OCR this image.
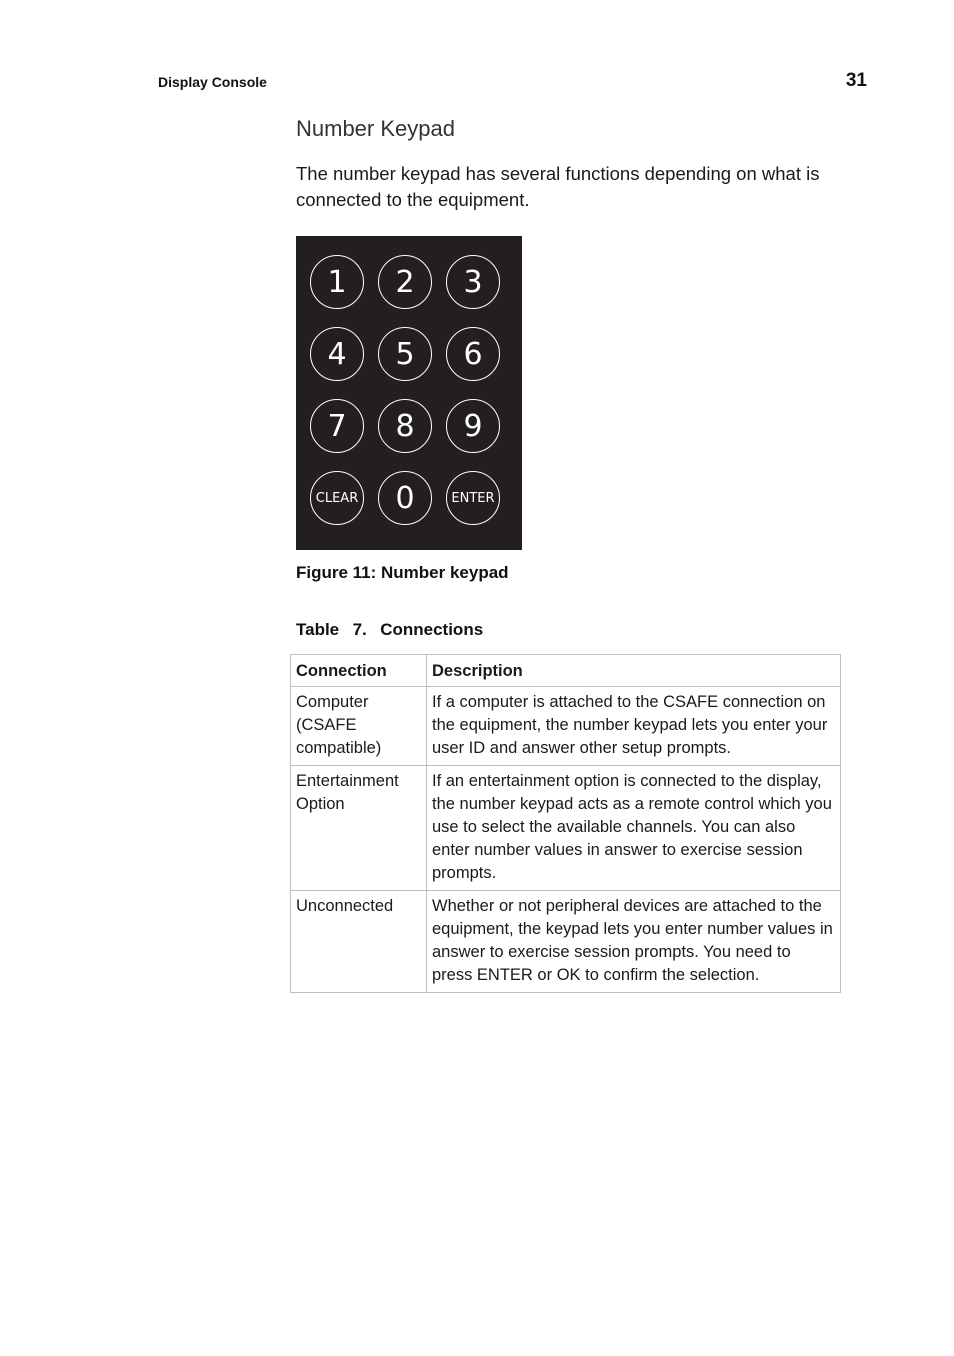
Display Console	31
Number Keypad

The number keypad has several functions depending on what is connected to the equipment.

1	2	3
4	5	6
7	8	9
CLEAR	0	ENTER
Figure 11: Number keypad
Table  7.  Connections
Connection	Description
Computer (CSAFE compatible)	If a computer is attached to the CSAFE connection on the equipment, the number keypad lets you enter your user ID and answer other setup prompts.
Entertainment Option	If an entertainment option is connected to the display, the number keypad acts as a remote control which you use to select the available channels. You can also enter number values in answer to exercise session prompts.
Unconnected	Whether or not peripheral devices are attached to the equipment, the keypad lets you enter number values in answer to exercise session prompts. You need to press ENTER or OK to confirm the selection.
